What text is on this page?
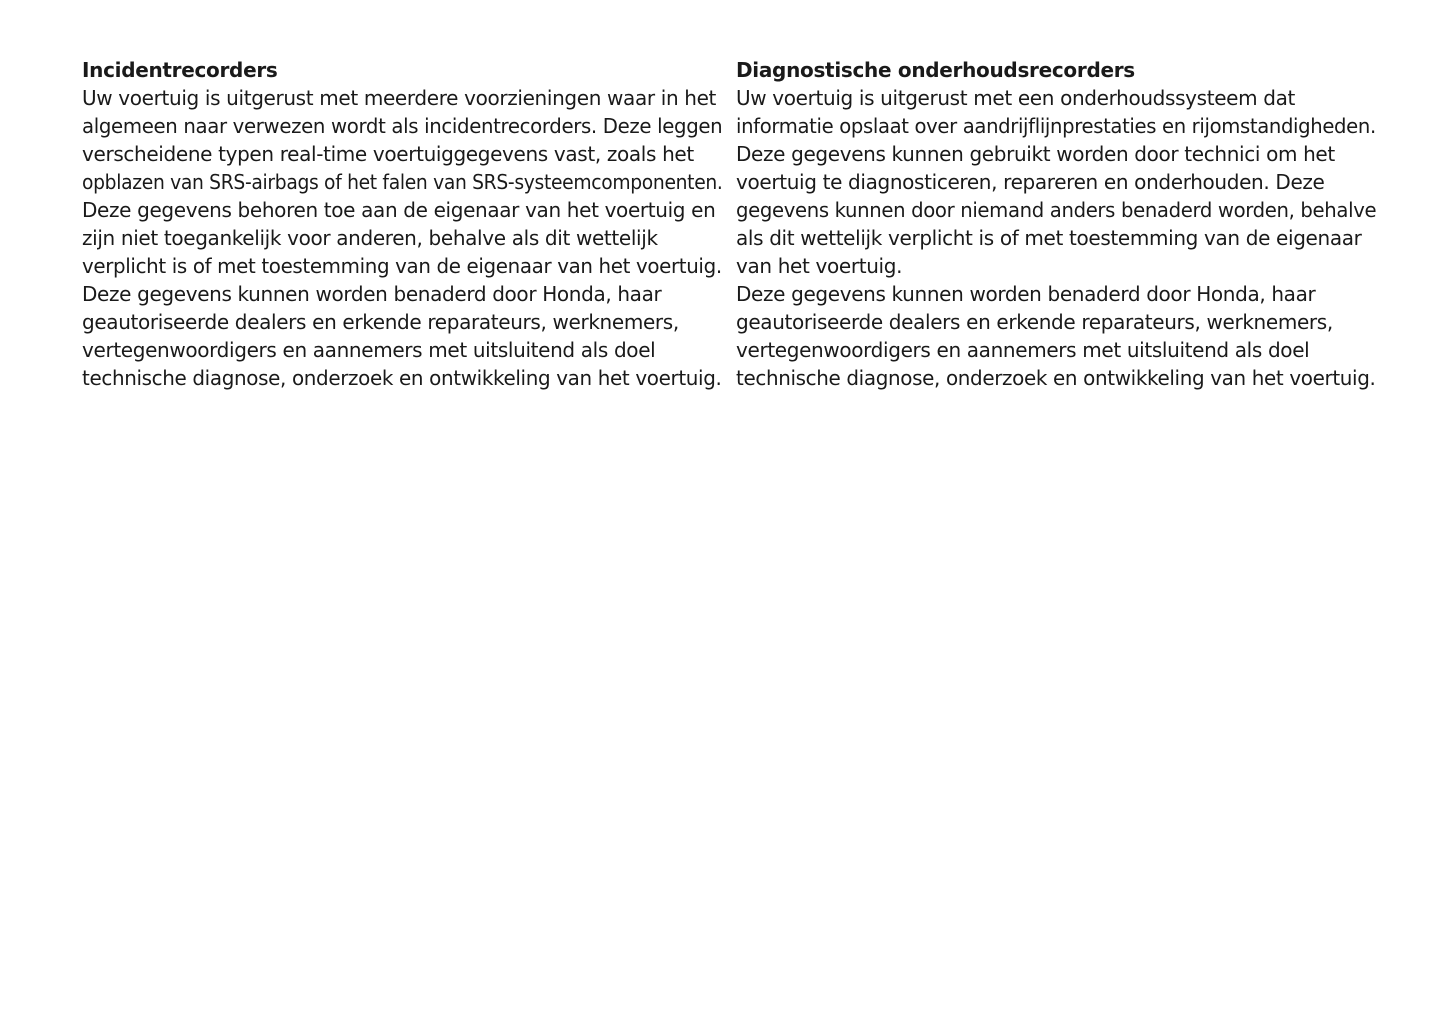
Incidentrecorders
Uw voertuig is uitgerust met meerdere voorzieningen waar in het
algemeen naar verwezen wordt als incidentrecorders. Deze leggen
verscheidene typen real-time voertuiggegevens vast, zoals het
opblazen van SRS-airbags of het falen van SRS-systeemcomponenten.
Deze gegevens behoren toe aan de eigenaar van het voertuig en
zijn niet toegankelijk voor anderen, behalve als dit wettelijk
verplicht is of met toestemming van de eigenaar van het voertuig.
Deze gegevens kunnen worden benaderd door Honda, haar
geautoriseerde dealers en erkende reparateurs, werknemers,
vertegenwoordigers en aannemers met uitsluitend als doel
technische diagnose, onderzoek en ontwikkeling van het voertuig.
Diagnostische onderhoudsrecorders
Uw voertuig is uitgerust met een onderhoudssysteem dat
informatie opslaat over aandrijflijnprestaties en rijomstandigheden.
Deze gegevens kunnen gebruikt worden door technici om het
voertuig te diagnosticeren, repareren en onderhouden. Deze
gegevens kunnen door niemand anders benaderd worden, behalve
als dit wettelijk verplicht is of met toestemming van de eigenaar
van het voertuig.
Deze gegevens kunnen worden benaderd door Honda, haar
geautoriseerde dealers en erkende reparateurs, werknemers,
vertegenwoordigers en aannemers met uitsluitend als doel
technische diagnose, onderzoek en ontwikkeling van het voertuig.
